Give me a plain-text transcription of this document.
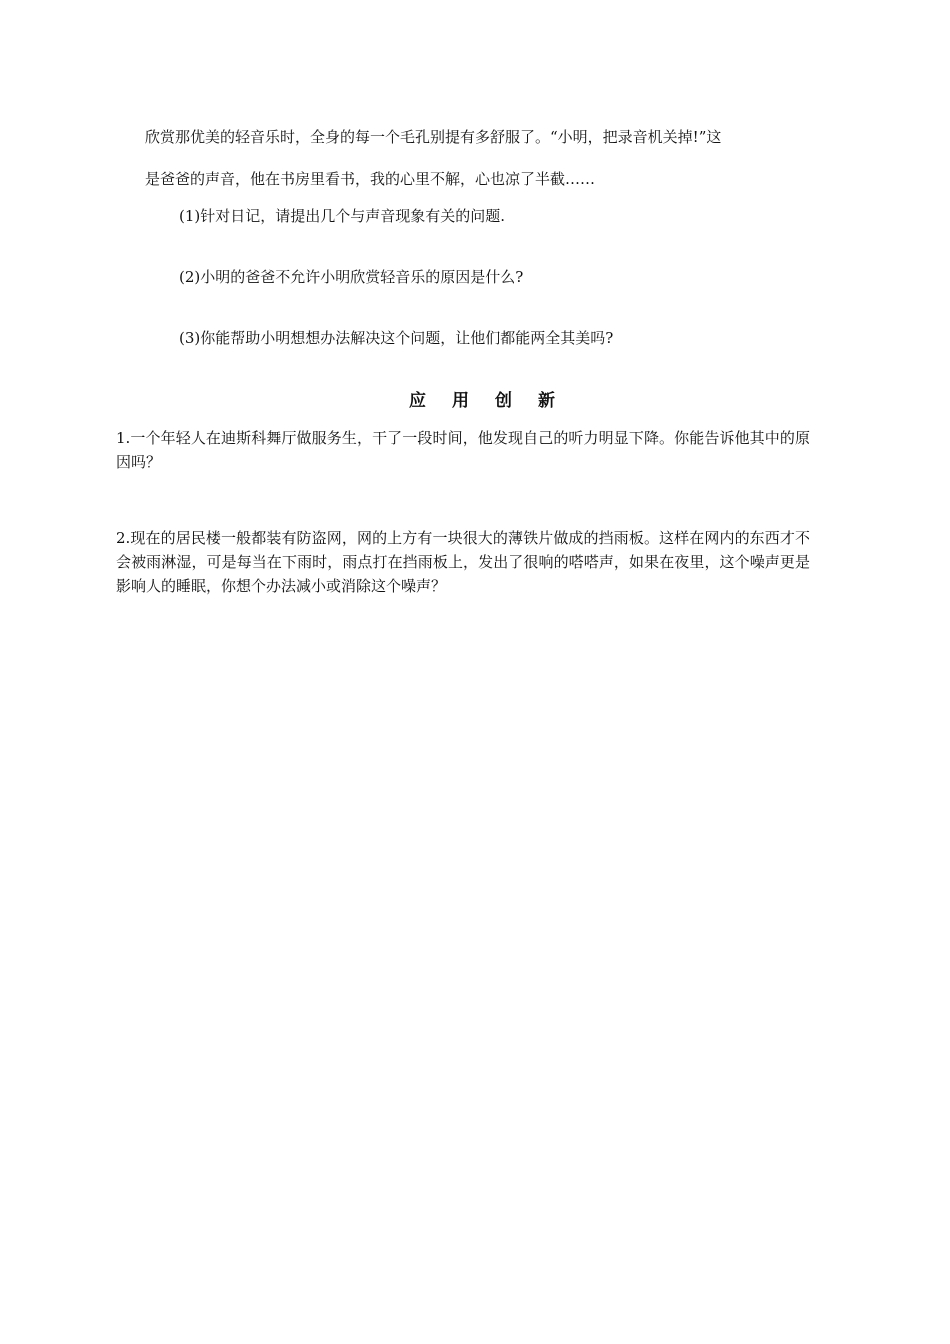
欣赏那优美的轻音乐时，全身的每一个毛孔别提有多舒服了。“小明，把录音机关掉!”这
是爸爸的声音，他在书房里看书，我的心里不解，心也凉了半截……
(1)针对日记，请提出几个与声音现象有关的问题.
(2)小明的爸爸不允许小明欣赏轻音乐的原因是什么?
(3)你能帮助小明想想办法解决这个问题，让他们都能两全其美吗?
应用创新
1.一个年轻人在迪斯科舞厅做服务生，干了一段时间，他发现自己的听力明显下降。你能告诉他其中的原因吗？
2.现在的居民楼一般都装有防盗网，网的上方有一块很大的薄铁片做成的挡雨板。这样在网内的东西才不会被雨淋湿，可是每当在下雨时，雨点打在挡雨板上，发出了很响的嗒嗒声，如果在夜里，这个噪声更是影响人的睡眠，你想个办法减小或消除这个噪声？
